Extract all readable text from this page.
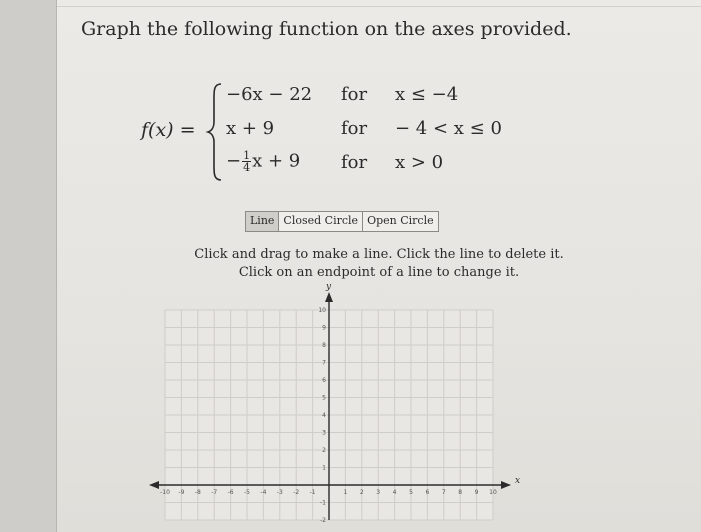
Graph the following function on the axes provided.
f(x) =
−6x − 22 for x ≤ −4
x + 9	for − 4 < x ≤ 0
− $\frac{1}{4}$ x + 9 for x > 0
Line Closed Circle Open Circle
Click and drag to make a line. Click the line to delete it.
Click on an endpoint of a line to change it.
x
y
-10 -9 -8 -7 -6 -5 -4 -3 -2 -1	1 2 3 4 5 6 7 8 9 10
1
2
3
4
5
6
7
8
9
10
-1
-2
